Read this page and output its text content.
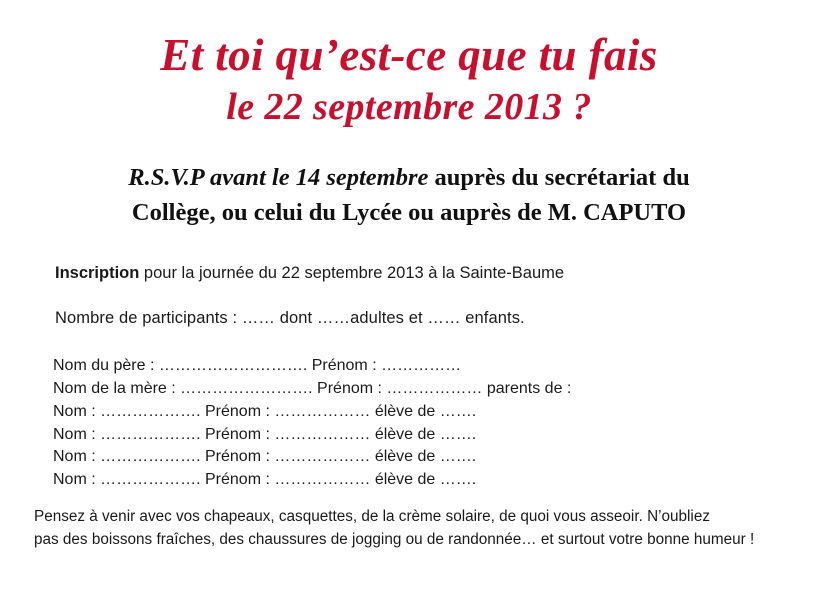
Et toi qu’est-ce que tu fais
le 22 septembre 2013 ?
R.S.V.P avant le 14 septembre auprès du secrétariat du
Collège, ou celui du Lycée ou auprès de M. CAPUTO
Inscription pour la journée du 22 septembre 2013 à la Sainte-Baume
Nombre de participants : …… dont ……adultes et …… enfants.
Nom du père : ………………………. Prénom : ……………
Nom de la mère : ……………………. Prénom : ……………… parents de :
Nom : ………………. Prénom : ……………… élève de …….
Nom : ………………. Prénom : ……………… élève de …….
Nom : ………………. Prénom : ……………… élève de …….
Nom : ………………. Prénom : ……………… élève de …….
Pensez à venir avec vos chapeaux, casquettes, de la crème solaire, de quoi vous asseoir. N’oubliez
pas des boissons fraîches, des chaussures de jogging ou de randonnée… et surtout votre bonne humeur !
